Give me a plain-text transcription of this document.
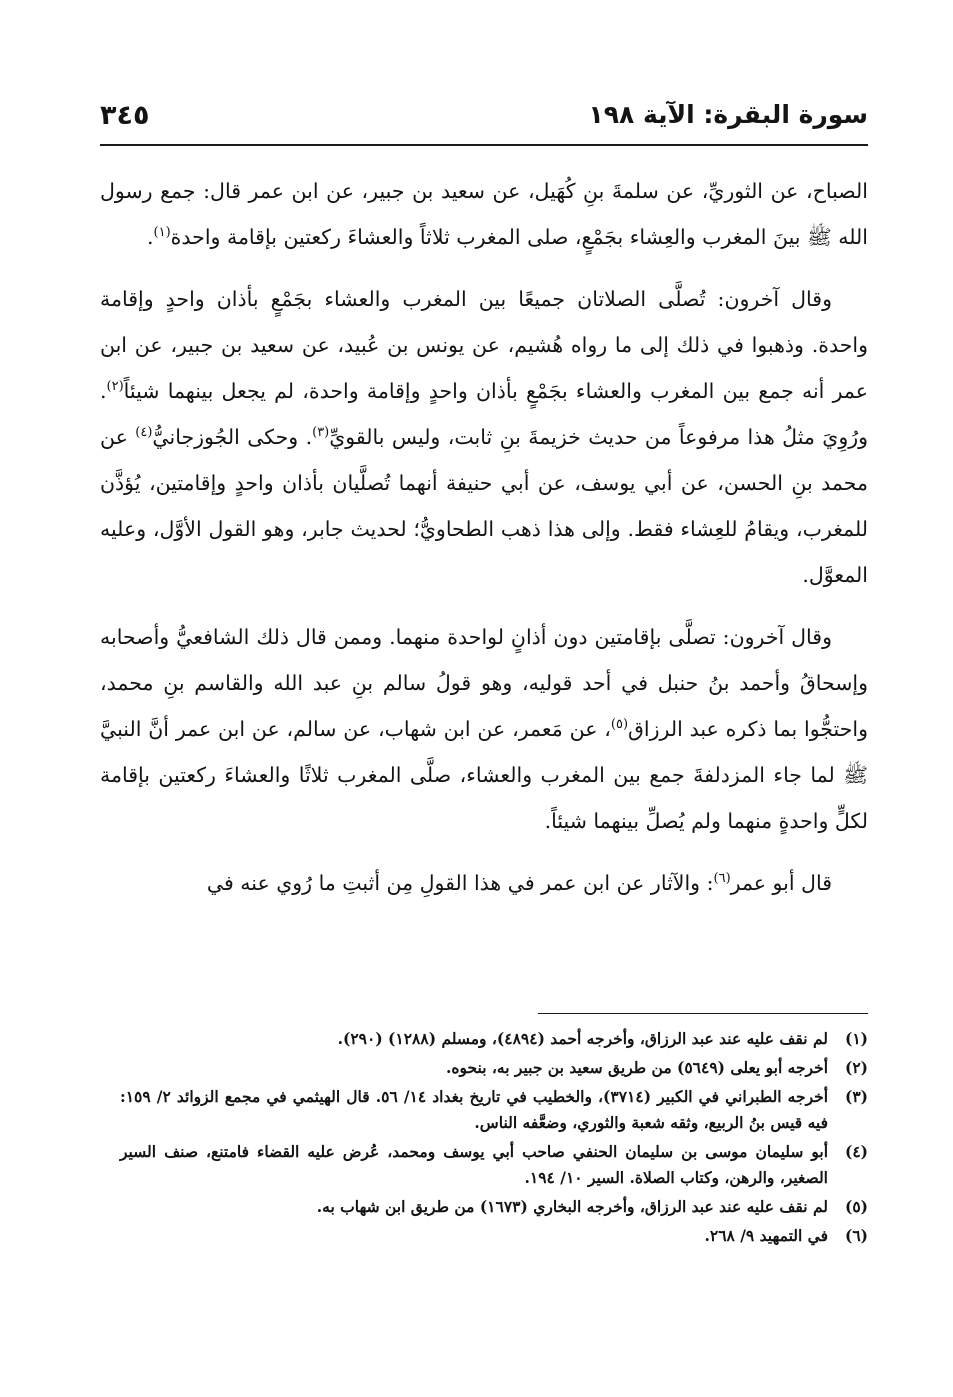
سورة البقرة: الآية ١٩٨
٣٤٥

الصباح، عن الثوريِّ، عن سلمةَ بنِ كُهَيل، عن سعيد بن جبير، عن ابن عمر قال: جمع رسول الله ﷺ بينَ المغرب والعِشاء بجَمْعٍ، صلى المغرب ثلاثاً والعشاءَ ركعتين بإقامة واحدة$^{(١)}$.

وقال آخرون: تُصلَّى الصلاتان جميعًا بين المغرب والعشاء بجَمْعٍ بأذان واحدٍ وإقامة واحدة. وذهبوا في ذلك إلى ما رواه هُشيم، عن يونس بن عُبيد، عن سعيد بن جبير، عن ابن عمر أنه جمع بين المغرب والعشاء بجَمْعٍ بأذان واحدٍ وإقامة واحدة، لم يجعل بينهما شيئاً$^{(٢)}$. ورُوِيَ مثلُ هذا مرفوعاً من حديث خزيمةَ بنِ ثابت، وليس بالقويِّ$^{(٣)}$. وحكى الجُوزجانيُّ$^{(٤)}$ عن محمد بنِ الحسن، عن أبي يوسف، عن أبي حنيفة أنهما تُصلَّيان بأذان واحدٍ وإقامتين، يُؤذَّن للمغرب، ويقامُ للعِشاء فقط. وإلى هذا ذهب الطحاويُّ؛ لحديث جابر، وهو القول الأوَّل، وعليه المعوَّل.

وقال آخرون: تصلَّى بإقامتين دون أذانٍ لواحدة منهما. وممن قال ذلك الشافعيُّ وأصحابه وإسحاقُ وأحمد بنُ حنبل في أحد قوليه، وهو قولُ سالم بنِ عبد الله والقاسم بنِ محمد، واحتجُّوا بما ذكره عبد الرزاق$^{(٥)}$، عن مَعمر، عن ابن شهاب، عن سالم، عن ابن عمر أنَّ النبيَّ ﷺ لما جاء المزدلفةَ جمع بين المغرب والعشاء، صلَّى المغرب ثلاثًا والعشاءَ ركعتين بإقامة لكلٍّ واحدةٍ منهما ولم يُصلِّ بينهما شيئاً.

قال أبو عمر$^{(٦)}$: والآثار عن ابن عمر في هذا القولِ مِن أثبتِ ما رُوي عنه في

(١)
لم نقف عليه عند عبد الرزاق، وأخرجه أحمد (٤٨٩٤)، ومسلم (١٢٨٨) (٢٩٠).
(٢)
أخرجه أبو يعلى (٥٦٤٩) من طريق سعيد بن جبير به، بنحوه.
(٣)
أخرجه الطبراني في الكبير (٣٧١٤)، والخطيب في تاريخ بغداد ١٤/ ٥٦. قال الهيثمي في مجمع الزوائد ٢/ ١٥٩: فيه قيس بنُ الربيع، وثقه شعبة والثوري، وضعَّفه الناس.
(٤)
أبو سليمان موسى بن سليمان الحنفي صاحب أبي يوسف ومحمد، عُرض عليه القضاء فامتنع، صنف السير الصغير، والرهن، وكتاب الصلاة. السير ١٠/ ١٩٤.
(٥)
لم نقف عليه عند عبد الرزاق، وأخرجه البخاري (١٦٧٣) من طريق ابن شهاب به.
(٦)
في التمهيد ٩/ ٢٦٨.
